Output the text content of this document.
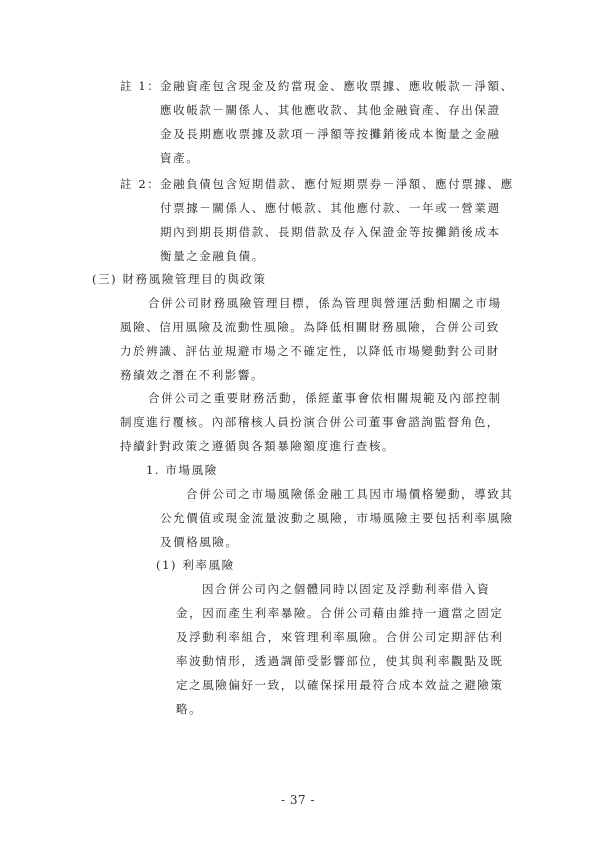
註 1： 金融資產包含現金及約當現金、應收票據、應收帳款－淨額、
應收帳款－關係人、其他應收款、其他金融資產、存出保證
金及長期應收票據及款項－淨額等按攤銷後成本衡量之金融
資產。
註 2： 金融負債包含短期借款、應付短期票券－淨額、應付票據、應
付票據－關係人、應付帳款、其他應付款、一年或一營業週
期內到期長期借款、長期借款及存入保證金等按攤銷後成本
衡量之金融負債。
(三) 財務風險管理目的與政策
合併公司財務風險管理目標，係為管理與營運活動相關之市場
風險、信用風險及流動性風險。為降低相關財務風險，合併公司致
力於辨識、評估並規避市場之不確定性，以降低市場變動對公司財
務績效之潛在不利影響。
合併公司之重要財務活動，係經董事會依相關規範及內部控制
制度進行覆核。內部稽核人員扮演合併公司董事會諮詢監督角色，
持續針對政策之遵循與各類暴險額度進行查核。
1. 市場風險
合併公司之市場風險係金融工具因市場價格變動，導致其
公允價值或現金流量波動之風險，市場風險主要包括利率風險
及價格風險。
(1) 利率風險
因合併公司內之個體同時以固定及浮動利率借入資
金，因而產生利率暴險。合併公司藉由維持一適當之固定
及浮動利率組合，來管理利率風險。合併公司定期評估利
率波動情形，透過調節受影響部位，使其與利率觀點及既
定之風險偏好一致，以確保採用最符合成本效益之避險策
略。
- 37 -
